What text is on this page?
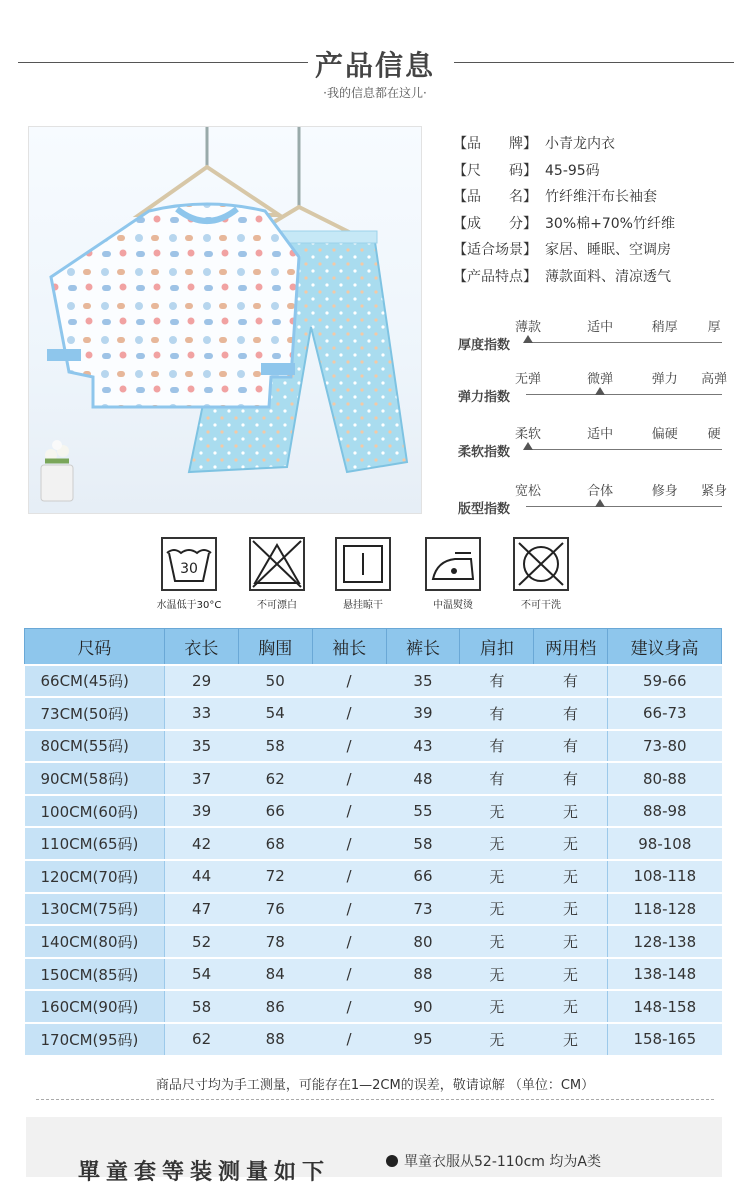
产品信息
·我的信息都在这儿·
【品　　牌】 小青龙内衣
【尺　　码】 45-95码
【品　　名】 竹纤维汗布长袖套
【成　　分】 30%棉+70%竹纤维
【适合场景】 家居、睡眠、空调房
【产品特点】 薄款面料、清凉透气
厚度指数
薄款	适中	稍厚 厚
弹力指数
无弹	微弹	弹力 高弹
柔软指数
柔软	适中	偏硬 硬
版型指数
宽松	合体	修身 紧身
30
水温低于30°C	不可漂白	悬挂晾干	中温熨烫	不可干洗
尺码	衣长	胸围	袖长	裤长	肩扣	两用档	建议身高
66CM(45码)	29	50	/	35	有	有	59-66
73CM(50码)	33	54	/	39	有	有	66-73
80CM(55码)	35	58	/	43	有	有	73-80
90CM(58码)	37	62	/	48	有	有	80-88
100CM(60码)	39	66	/	55	无	无	88-98
110CM(65码)	42	68	/	58	无	无	98-108
120CM(70码)	44	72	/	66	无	无	108-118
130CM(75码)	47	76	/	73	无	无	118-128
140CM(80码)	52	78	/	80	无	无	128-138
150CM(85码)	54	84	/	88	无	无	138-148
160CM(90码)	58	86	/	90	无	无	148-158
170CM(95码)	62	88	/	95	无	无	158-165
商品尺寸均为手工测量，可能存在1—2CM的误差，敬请谅解 （单位：CM）
單童套等装测量如下	單童衣服从52-110cm 均为A类
